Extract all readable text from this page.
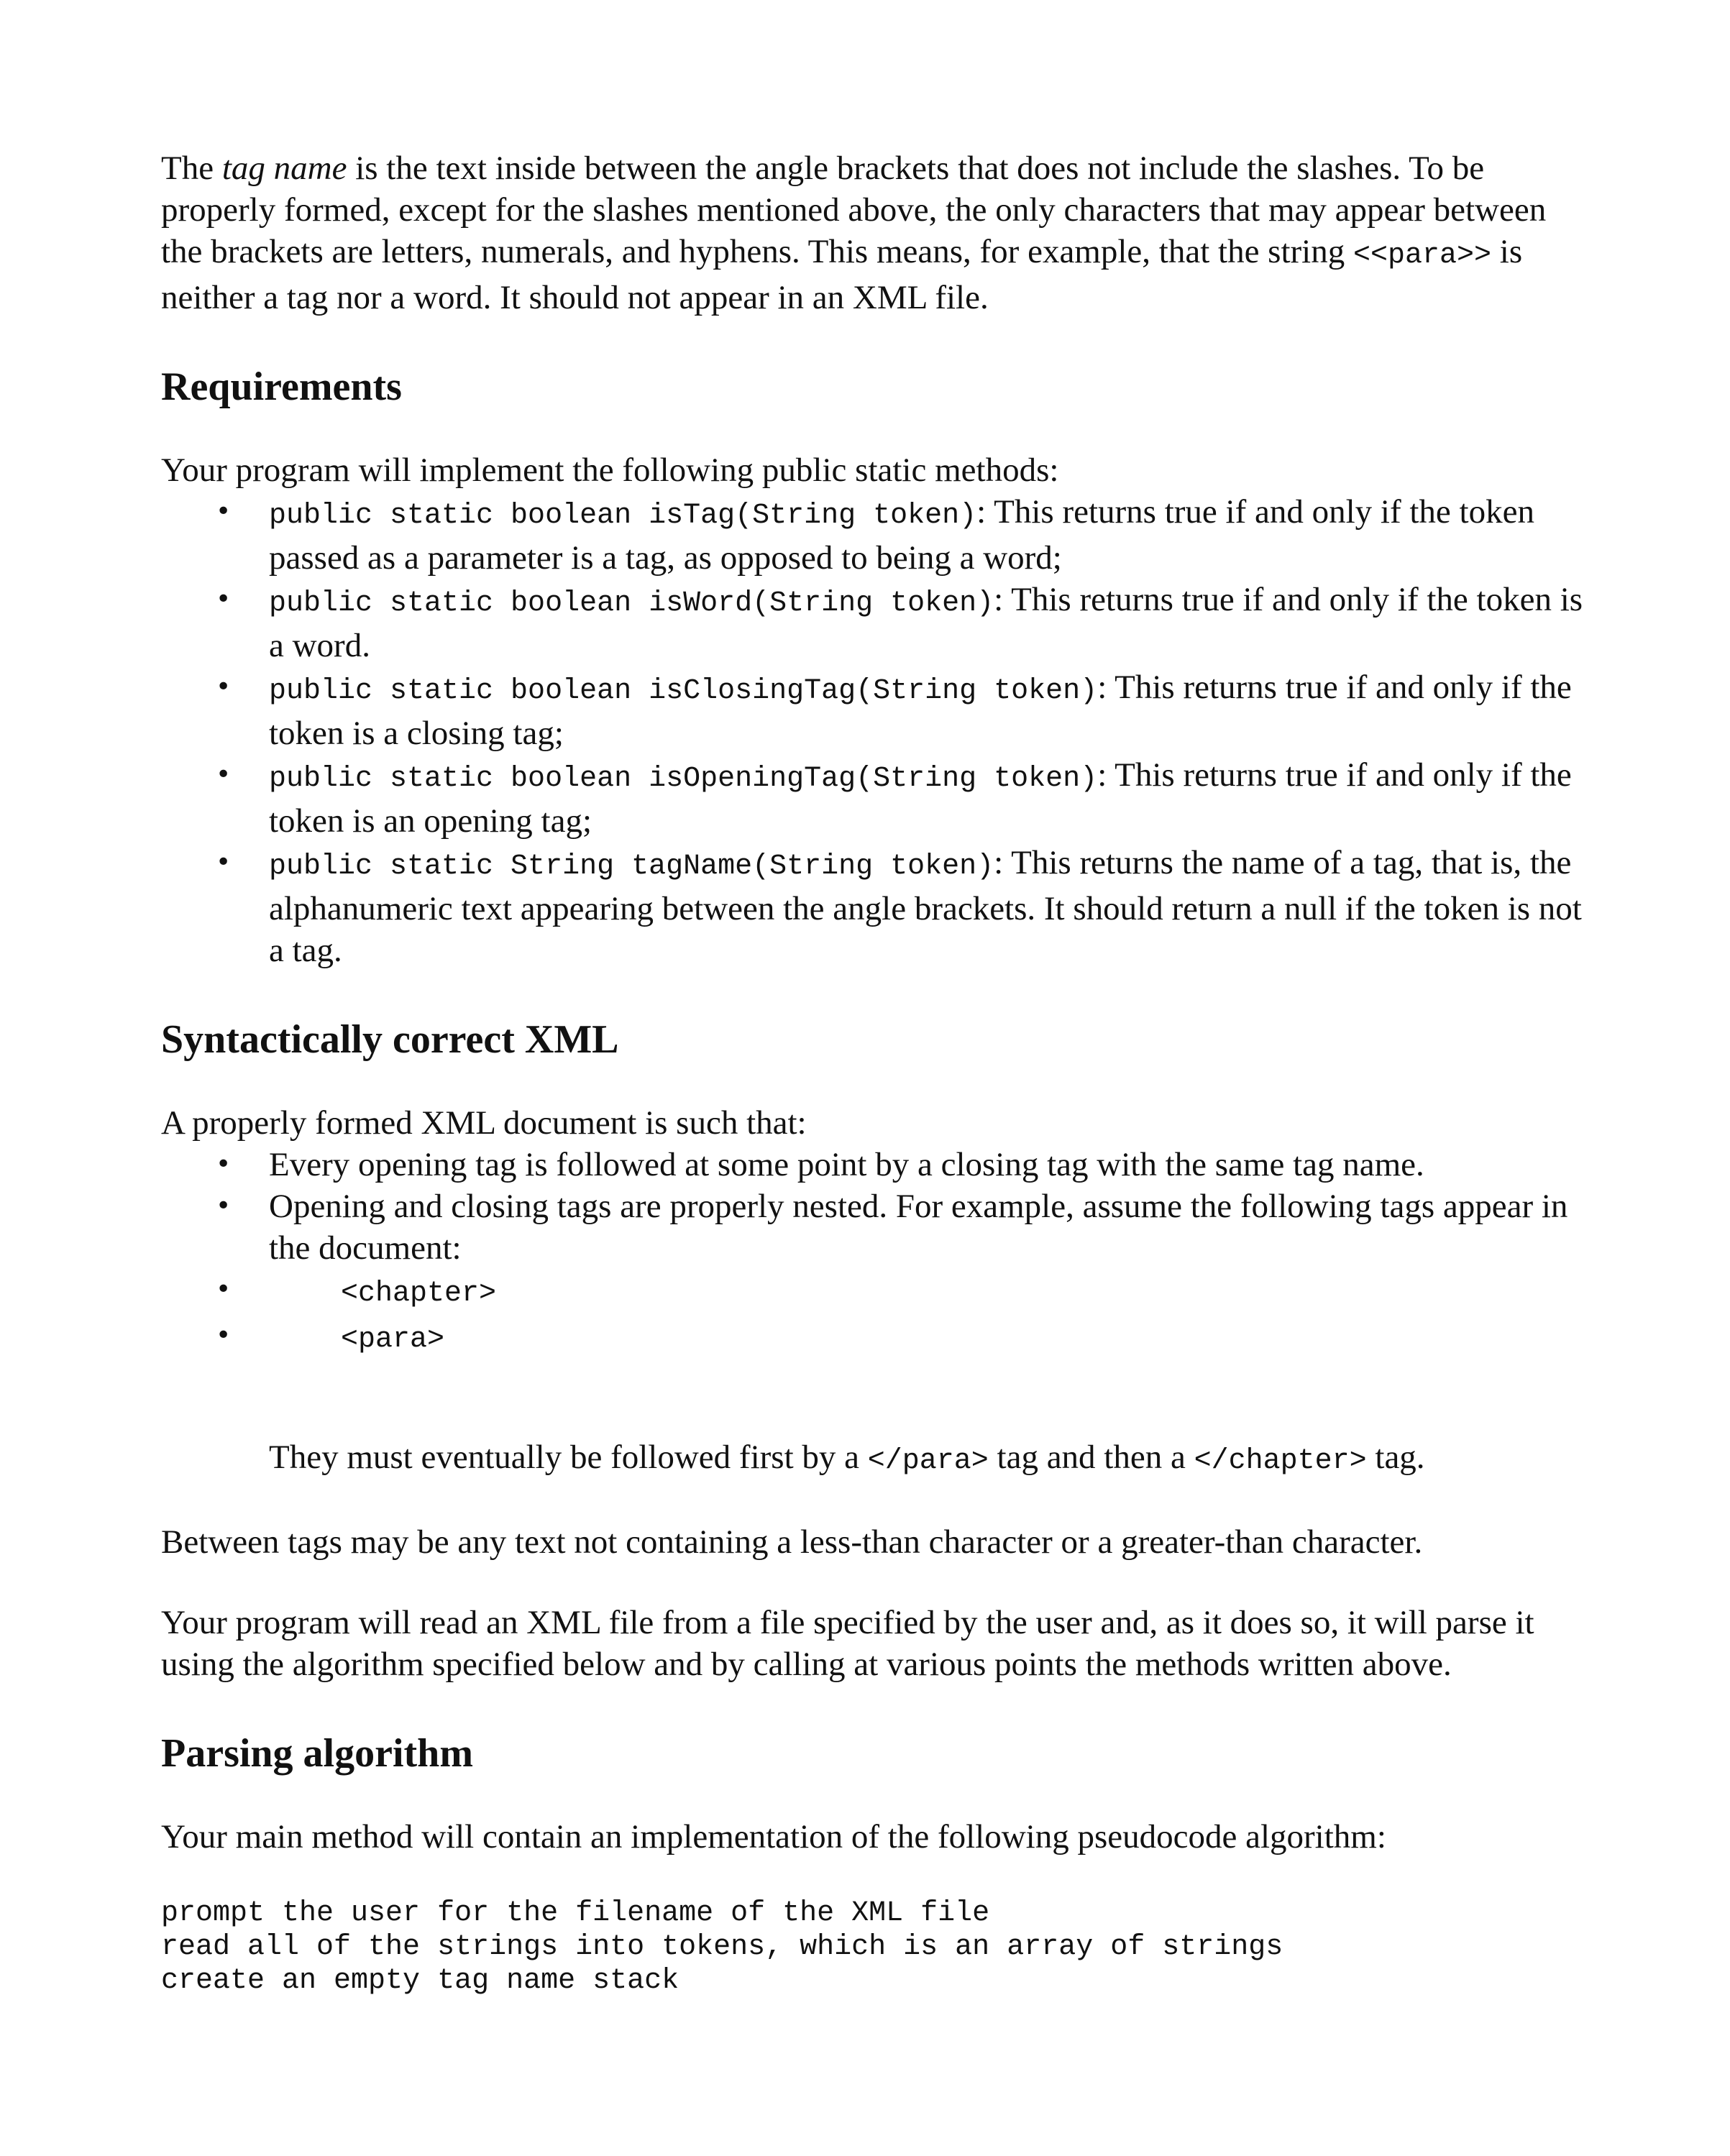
The tag name is the text inside between the angle brackets that does not include the slashes. To be properly formed, except for the slashes mentioned above, the only characters that may appear between the brackets are letters, numerals, and hyphens. This means, for example, that the string <<para>> is neither a tag nor a word. It should not appear in an XML file.

Requirements

Your program will implement the following public static methods:

• public static boolean isTag(String token): This returns true if and only if the token passed as a parameter is a tag, as opposed to being a word;
• public static boolean isWord(String token): This returns true if and only if the token is a word.
• public static boolean isClosingTag(String token): This returns true if and only if the token is a closing tag;
• public static boolean isOpeningTag(String token): This returns true if and only if the token is an opening tag;
• public static String tagName(String token): This returns the name of a tag, that is, the alphanumeric text appearing between the angle brackets. It should return a null if the token is not a tag.
Syntactically correct XML

A properly formed XML document is such that:

• Every opening tag is followed at some point by a closing tag with the same tag name.
• Opening and closing tags are properly nested. For example, assume the following tags appear in the document:
•	<chapter>
•	<para>

They must eventually be followed first by a </para> tag and then a </chapter> tag.

Between tags may be any text not containing a less-than character or a greater-than character.

Your program will read an XML file from a file specified by the user and, as it does so, it will parse it using the algorithm specified below and by calling at various points the methods written above.

Parsing algorithm

Your main method will contain an implementation of the following pseudocode algorithm:

prompt the user for the filename of the XML file
read all of the strings into tokens, which is an array of strings
create an empty tag name stack
